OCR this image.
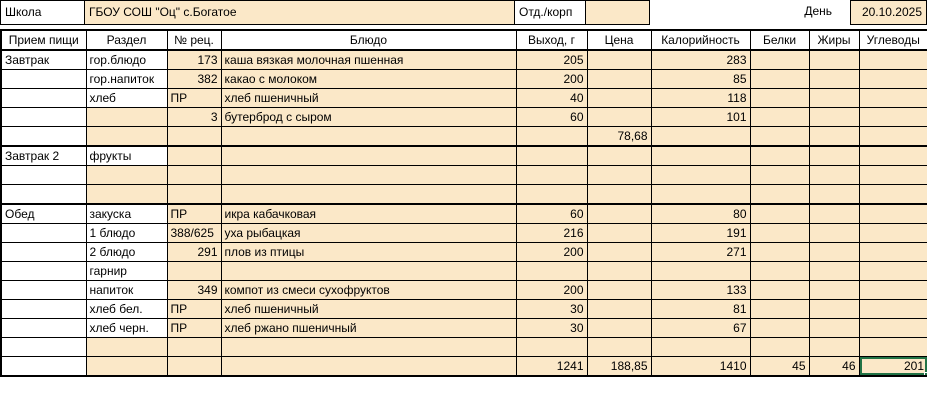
Школа	ГБОУ СОШ "Оц" с.Богатое	Отд./корп	День	20.10.2025
Прием пищи	Раздел	№ рец.	Блюдо	Выход, г	Цена	Калорийность	Белки	Жиры	Углеводы
Завтрак	гор.блюдо	173	каша вязкая молочная пшенная	205		283			
	гор.напиток	382	какао с молоком	200		85			
	хлеб	ПР	хлеб пшеничный	40		118			
		3	бутерброд с сыром	60		101			
					78,68				
Завтрак 2	фрукты								

Обед	закуска	ПР	икра кабачковая	60		80			
	1 блюдо	388/625	уха рыбацкая	216		191			
	2 блюдо	291	плов из птицы	200		271			
	гарнир								
	напиток	349	компот из смеси сухофруктов	200		133			
	хлеб бел.	ПР	хлеб пшеничный	30		81			
	хлеб черн.	ПР	хлеб ржано пшеничный	30		67			

				1241	188,85	1410	45	46	201
